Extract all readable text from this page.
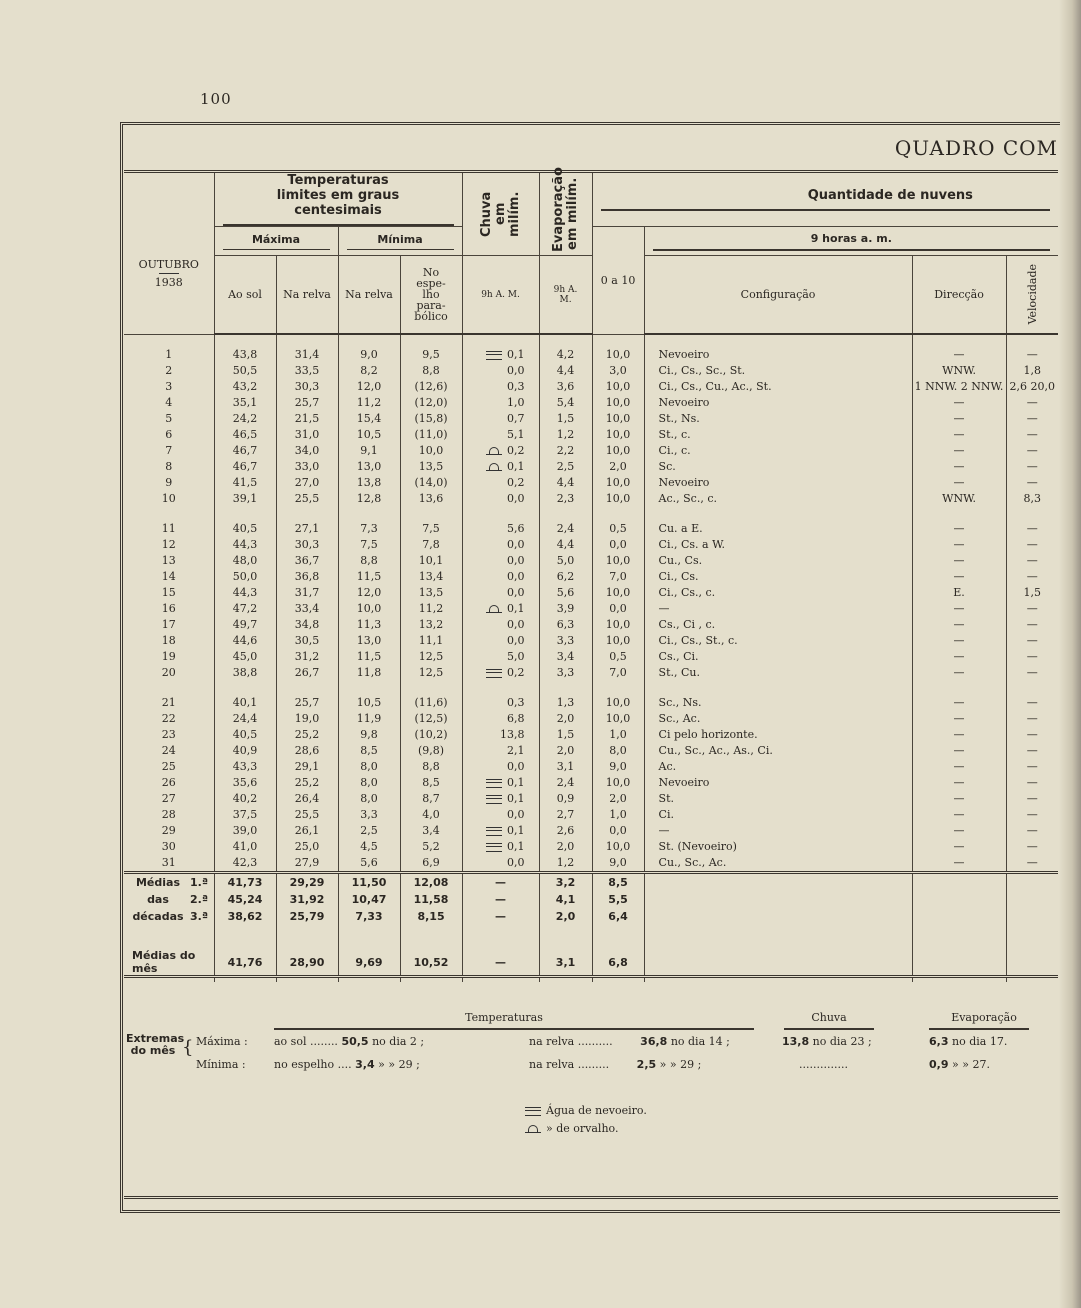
100
QUADRO COM
OUTUBRO
1938	Temperaturas limites em graus centesimais				Chuva em milím.	Evaporação em milím.	Quantidade de nuvens			

	Máxima		Mínima				0 a 10	9 horas a. m.		

	Ao sol	Na relva	Na relva	No espe- lho para- bólico	9h A. M.	9h A. M.		Configuração	Direcção	Velocidade

1	43,8	31,4	9,0	9,5	0,1	4,2	10,0	Nevoeiro	—	—
2	50,5	33,5	8,2	8,8	0,0	4,4	3,0	Ci., Cs., Sc., St.	WNW.	1,8
3	43,2	30,3	12,0	(12,6)	0,3	3,6	10,0	Ci., Cs., Cu., Ac., St.	1 NNW. 2 NNW.	2,6 20,0
4	35,1	25,7	11,2	(12,0)	1,0	5,4	10,0	Nevoeiro	—	—
5	24,2	21,5	15,4	(15,8)	0,7	1,5	10,0	St., Ns.	—	—
6	46,5	31,0	10,5	(11,0)	5,1	1,2	10,0	St., c.	—	—
7	46,7	34,0	9,1	10,0	0,2	2,2	10,0	Ci., c.	—	—
8	46,7	33,0	13,0	13,5	0,1	2,5	2,0	Sc.	—	—
9	41,5	27,0	13,8	(14,0)	0,2	4,4	10,0	Nevoeiro	—	—
10	39,1	25,5	12,8	13,6	0,0	2,3	10,0	Ac., Sc., c.	WNW.	8,3

11	40,5	27,1	7,3	7,5	5,6	2,4	0,5	Cu. a E.	—	—
12	44,3	30,3	7,5	7,8	0,0	4,4	0,0	Ci., Cs. a W.	—	—
13	48,0	36,7	8,8	10,1	0,0	5,0	10,0	Cu., Cs.	—	—
14	50,0	36,8	11,5	13,4	0,0	6,2	7,0	Ci., Cs.	—	—
15	44,3	31,7	12,0	13,5	0,0	5,6	10,0	Ci., Cs., c.	E.	1,5
16	47,2	33,4	10,0	11,2	0,1	3,9	0,0	—	—	—
17	49,7	34,8	11,3	13,2	0,0	6,3	10,0	Cs., Ci , c.	—	—
18	44,6	30,5	13,0	11,1	0,0	3,3	10,0	Ci., Cs., St., c.	—	—
19	45,0	31,2	11,5	12,5	5,0	3,4	0,5	Cs., Ci.	—	—
20	38,8	26,7	11,8	12,5	0,2	3,3	7,0	St., Cu.	—	—

21	40,1	25,7	10,5	(11,6)	0,3	1,3	10,0	Sc., Ns.	—	—
22	24,4	19,0	11,9	(12,5)	6,8	2,0	10,0	Sc., Ac.	—	—
23	40,5	25,2	9,8	(10,2)	13,8	1,5	1,0	Ci pelo horizonte.	—	—
24	40,9	28,6	8,5	(9,8)	2,1	2,0	8,0	Cu., Sc., Ac., As., Ci.	—	—
25	43,3	29,1	8,0	8,8	0,0	3,1	9,0	Ac.	—	—
26	35,6	25,2	8,0	8,5	0,1	2,4	10,0	Nevoeiro	—	—
27	40,2	26,4	8,0	8,7	0,1	0,9	2,0	St.	—	—
28	37,5	25,5	3,3	4,0	0,0	2,7	1,0	Ci.	—	—
29	39,0	26,1	2,5	3,4	0,1	2,6	0,0	—	—	—
30	41,0	25,0	4,5	5,2	0,1	2,0	10,0	St. (Nevoeiro)	—	—
31	42,3	27,9	5,6	6,9	0,0	1,2	9,0	Cu., Sc., Ac.	—	—
Médias 1.ª	41,73	29,29	11,50	12,08	—	3,2	8,5			
das 2.ª	45,24	31,92	10,47	11,58	—	4,1	5,5			
décadas 3.ª	38,62	25,79	7,33	8,15	—	2,0	6,4			

Médias do mês	41,76	28,90	9,69	10,52	—	3,1	6,8			

Temperaturas	Chuva	Evaporação
Extremas do mês { Máxima :
Mínima :
ao sol ........ 50,5 no dia 2 ;	na relva ..........	36,8 no dia 14 ;	13,8 no dia 23 ;	6,3 no dia 17.
no espelho .... 3,4 » » 29 ;	na relva .........	2,5 » » 29 ;	..............	0,9 » » 27.
Água de nevoeiro.
» de orvalho.
